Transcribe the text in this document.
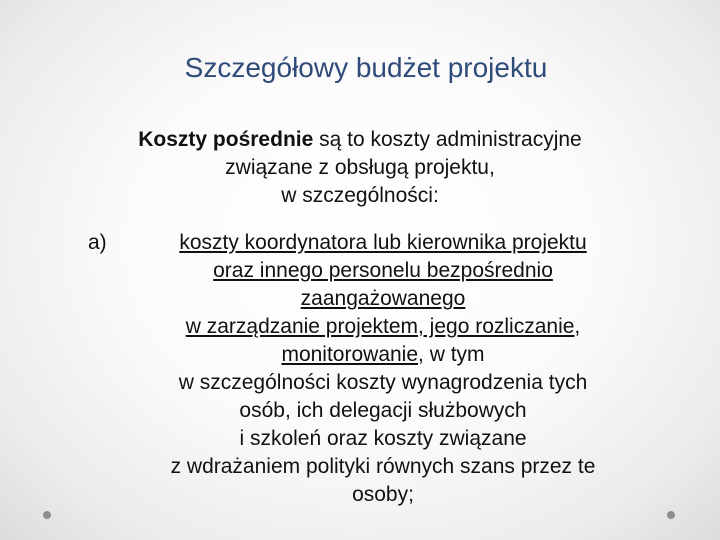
Szczegółowy budżet projektu
Koszty pośrednie są to koszty administracyjne
związane z obsługą projektu,
w szczególności:
a)	koszty koordynatora lub kierownika projektu
oraz innego personelu bezpośrednio
zaangażowanego
w zarządzanie projektem, jego rozliczanie,
monitorowanie, w tym
w szczególności koszty wynagrodzenia tych
osób, ich delegacji służbowych
i szkoleń oraz koszty związane
z wdrażaniem polityki równych szans przez te
osoby;
